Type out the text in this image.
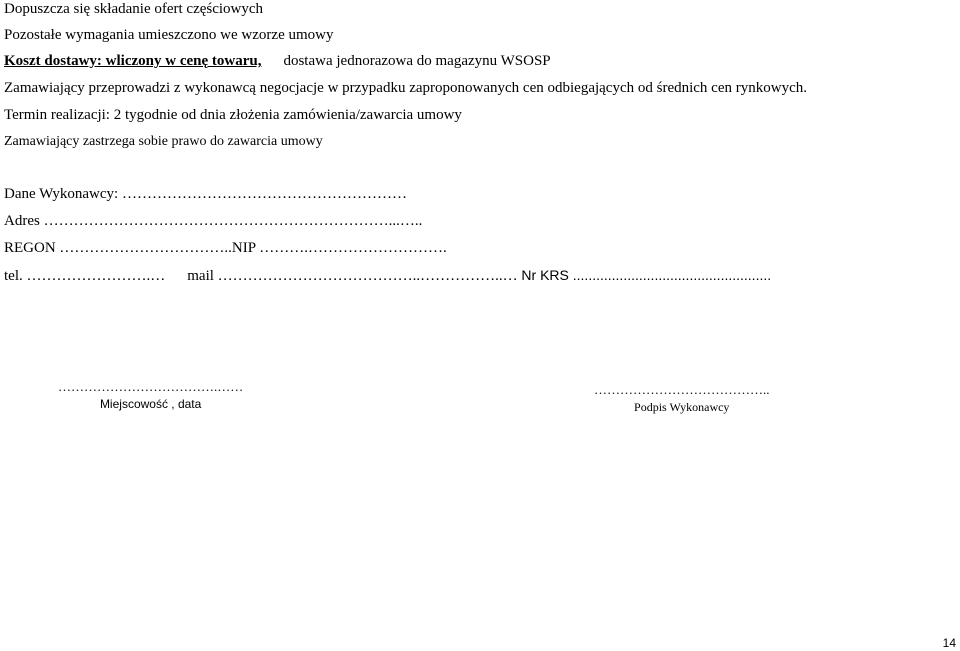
Dopuszcza się składanie ofert częściowych
Pozostałe wymagania umieszczono we wzorze umowy
Koszt dostawy: wliczony w cenę towaru, dostawa jednorazowa do magazynu WSOSP
Zamawiający przeprowadzi z wykonawcą negocjacje w przypadku zaproponowanych cen odbiegających od średnich cen rynkowych.
Termin realizacji: 2 tygodnie od dnia złożenia zamówienia/zawarcia umowy
Zamawiający zastrzega sobie prawo do zawarcia umowy
Dane Wykonawcy: …………………………………………………
Adres ……………………………………………………………...…..
REGON ……………………………..NIP ……….……………………….
tel. …………………….… mail …………………………………..……………..… Nr KRS ...................................................
……………………………….……
Miejscowość , data
…………………………………..
Podpis Wykonawcy
14
